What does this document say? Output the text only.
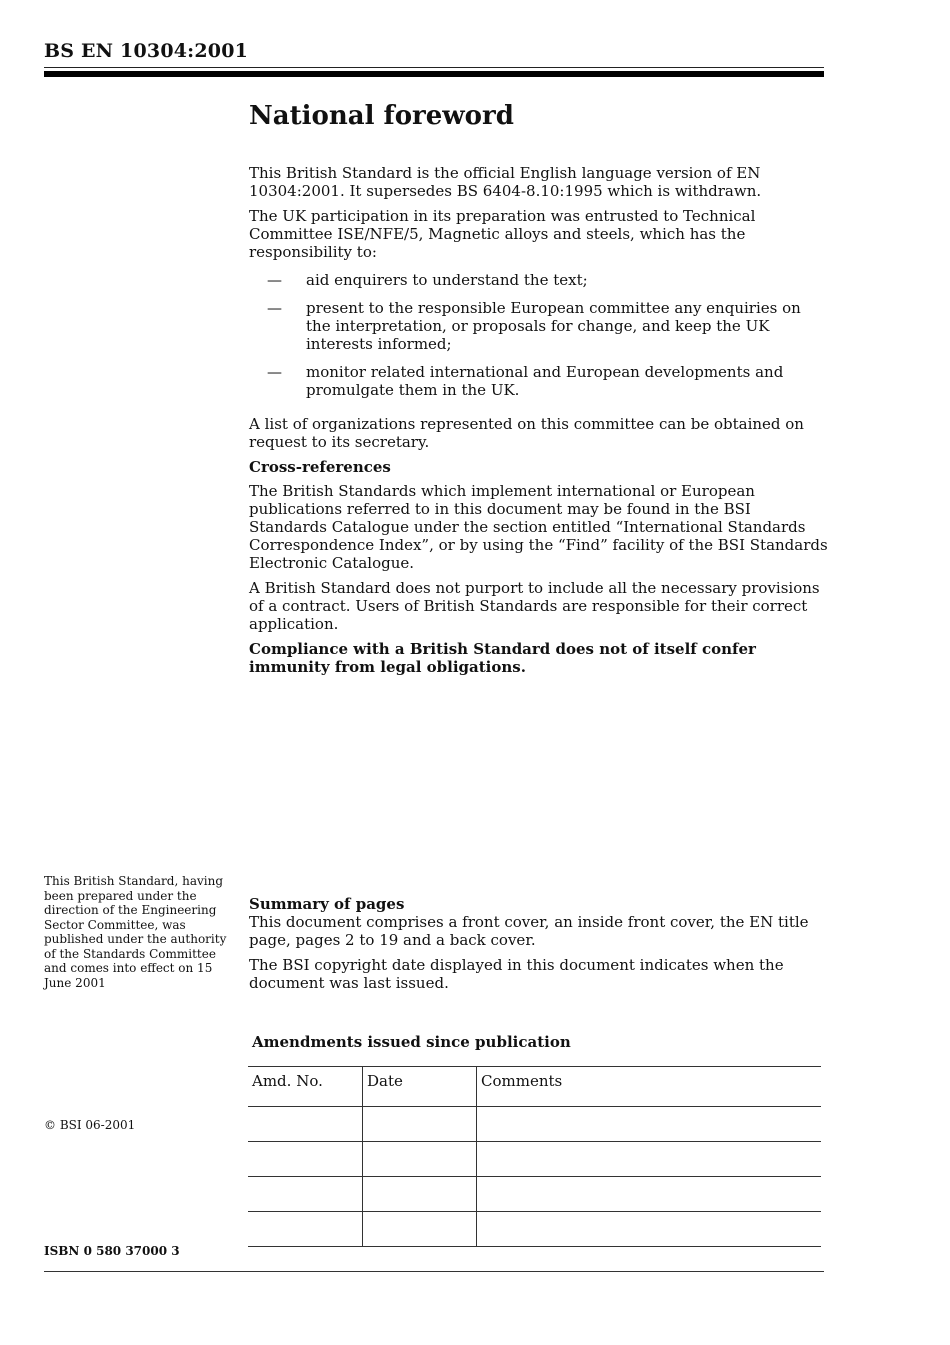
BS EN 10304:2001
National foreword

This British Standard is the official English language version of EN 10304:2001. It supersedes BS 6404-8.10:1995 which is withdrawn.

The UK participation in its preparation was entrusted to Technical Committee ISE/NFE/5, Magnetic alloys and steels, which has the responsibility to:

— aid enquirers to understand the text;
— present to the responsible European committee any enquiries on the interpretation, or proposals for change, and keep the UK interests informed;
— monitor related international and European developments and promulgate them in the UK.

A list of organizations represented on this committee can be obtained on request to its secretary.

Cross-references

The British Standards which implement international or European publications referred to in this document may be found in the BSI Standards Catalogue under the section entitled “International Standards Correspondence Index”, or by using the “Find” facility of the BSI Standards Electronic Catalogue.

A British Standard does not purport to include all the necessary provisions of a contract. Users of British Standards are responsible for their correct application.

Compliance with a British Standard does not of itself confer immunity from legal obligations.

This British Standard, having been prepared under the direction of the Engineering Sector Committee, was published under the authority of the Standards Committee and comes into effect on 15 June 2001
Summary of pages

This document comprises a front cover, an inside front cover, the EN title page, pages 2 to 19 and a back cover.

The BSI copyright date displayed in this document indicates when the document was last issued.

© BSI 06-2001
Amendments issued since publication
Amd. No.	Date	Comments

ISBN 0 580 37000 3
